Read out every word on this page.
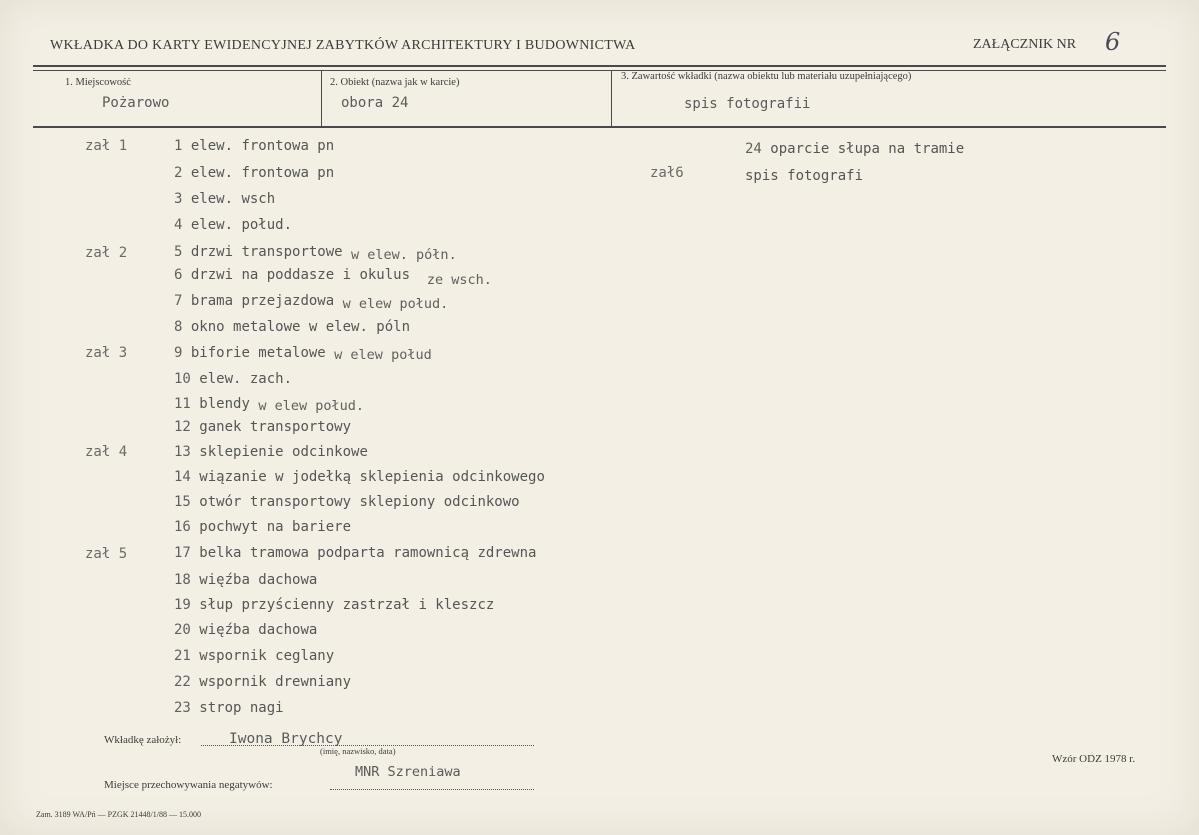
WKŁADKA DO KARTY EWIDENCYJNEJ ZABYTKÓW ARCHITEKTURY I BUDOWNICTWA	ZAŁĄCZNIK NR 6
1. Miejscowość
Pożarowo
2. Obiekt (nazwa jak w karcie)
obora 24
3. Zawartość wkładki (nazwa obiektu lub materiału uzupełniającego)
spis fotografii
zał 1
zał 2
zał 3
zał 4
zał 5
zał6
1 elew. frontowa pn
2 elew. frontowa pn
3 elew. wsch
4 elew. połud.
5 drzwi transportowe w elew. półn.
6 drzwi na poddasze i okulus ze wsch.
7 brama przejazdowa w elew połud.
8 okno metalowe w elew. póln
9 biforie metalowe w elew połud
10 elew. zach.
11 blendy w elew połud.
12 ganek transportowy
13 sklepienie odcinkowe
14 wiązanie w jodełką sklepienia odcinkowego
15 otwór transportowy sklepiony odcinkowo
16 pochwyt na bariere
17 belka tramowa podparta ramownicą zdrewna
18 więźba dachowa
19 słup przyścienny zastrzał i kleszcz
20 więźba dachowa
21 wspornik ceglany
22 wspornik drewniany
23 strop nagi
24 oparcie słupa na tramie
spis fotografi
Wkładkę założył:	Iwona Brychcy
(imię, nazwisko, data)
Miejsce przechowywania negatywów:
MNR Szreniawa
Wzór ODZ 1978 r.
Zam. 3189 WA/Pń — PZGK 21448/1/88 — 15.000
